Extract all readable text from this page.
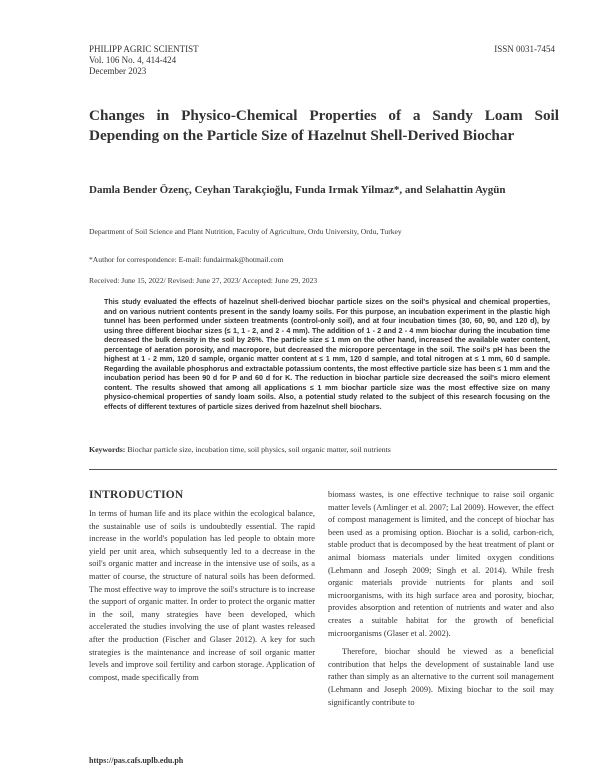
PHILIPP AGRIC SCIENTIST
Vol. 106 No. 4, 414-424
December 2023
ISSN 0031-7454
Changes in Physico-Chemical Properties of a Sandy Loam Soil Depending on the Particle Size of Hazelnut Shell-Derived Biochar

Damla Bender Özenç, Ceyhan Tarakçioğlu, Funda Irmak Yilmaz*, and Selahattin Aygün

Department of Soil Science and Plant Nutrition, Faculty of Agriculture, Ordu University, Ordu, Turkey
*Author for correspondence: E-mail: fundairmak@hotmail.com
Received: June 15, 2022/ Revised: June 27, 2023/ Accepted: June 29, 2023

This study evaluated the effects of hazelnut shell-derived biochar particle sizes on the soil's physical and chemical properties, and on various nutrient contents present in the sandy loamy soils. For this purpose, an incubation experiment in the plastic high tunnel has been performed under sixteen treatments (control-only soil), and at four incubation times (30, 60, 90, and 120 d), by using three different biochar sizes (≤ 1, 1 - 2, and 2 - 4 mm). The addition of 1 - 2 and 2 - 4 mm biochar during the incubation time decreased the bulk density in the soil by 26%. The particle size ≤ 1 mm on the other hand, increased the available water content, percentage of aeration porosity, and macropore, but decreased the micropore percentage in the soil. The soil's pH has been the highest at 1 - 2 mm, 120 d sample, organic matter content at ≤ 1 mm, 120 d sample, and total nitrogen at ≤ 1 mm, 60 d sample. Regarding the available phosphorus and extractable potassium contents, the most effective particle size has been ≤ 1 mm and the incubation period has been 90 d for P and 60 d for K. The reduction in biochar particle size decreased the soil's micro element content. The results showed that among all applications ≤ 1 mm biochar particle size was the most effective size on many physico-chemical properties of sandy loam soils. Also, a potential study related to the subject of this research focusing on the effects of different textures of particle sizes derived from hazelnut shell biochars.

Keywords: Biochar particle size, incubation time, soil physics, soil organic matter, soil nutrients
INTRODUCTION

In terms of human life and its place within the ecological balance, the sustainable use of soils is undoubtedly essential. The rapid increase in the world's population has led people to obtain more yield per unit area, which subsequently led to a decrease in the soil's organic matter and increase in the intensive use of soils, as a matter of course, the structure of natural soils has been deformed. The most effective way to improve the soil's structure is to increase the support of organic matter. In order to protect the organic matter in the soil, many strategies have been developed, which accelerated the studies involving the use of plant wastes released after the production (Fischer and Glaser 2012). A key for such strategies is the maintenance and increase of soil organic matter levels and improve soil fertility and carbon storage. Application of compost, made specifically from

biomass wastes, is one effective technique to raise soil organic matter levels (Amlinger et al. 2007; Lal 2009). However, the effect of compost management is limited, and the concept of biochar has been used as a promising option. Biochar is a solid, carbon-rich, stable product that is decomposed by the heat treatment of plant or animal biomass materials under limited oxygen conditions (Lehmann and Joseph 2009; Singh et al. 2014). While fresh organic materials provide nutrients for plants and soil microorganisms, with its high surface area and porosity, biochar, provides absorption and retention of nutrients and water and also creates a suitable habitat for the growth of beneficial microorganisms (Glaser et al. 2002).

Therefore, biochar should be viewed as a beneficial contribution that helps the development of sustainable land use rather than simply as an alternative to the current soil management (Lehmann and Joseph 2009). Mixing biochar to the soil may significantly contribute to

https://pas.cafs.uplb.edu.ph
